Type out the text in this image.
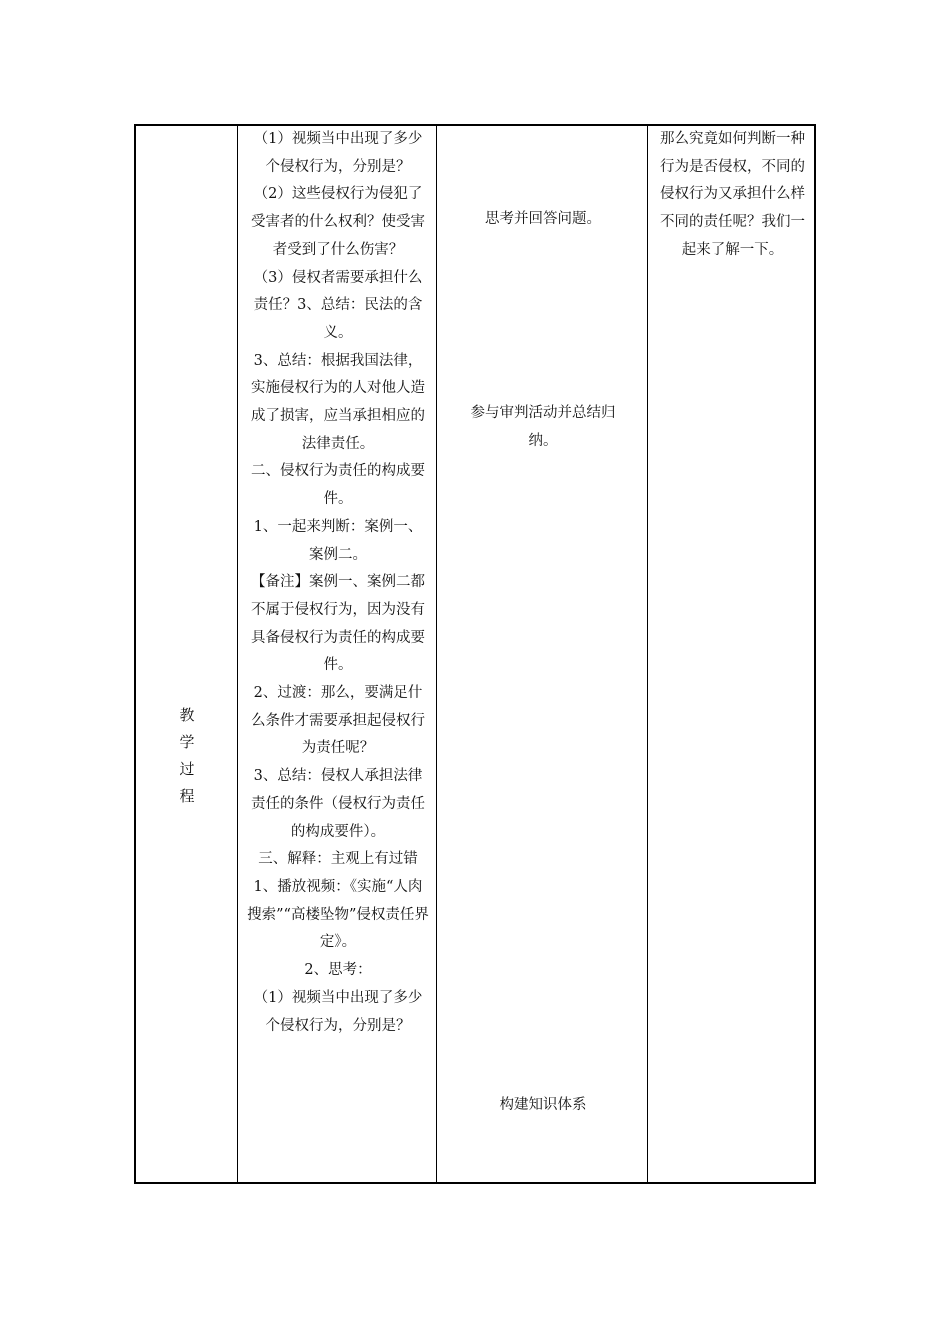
教
学
过
程

（1）视频当中出现了多少个侵权行为，分别是？

（2）这些侵权行为侵犯了受害者的什么权利？使受害者受到了什么伤害？

（3）侵权者需要承担什么责任？3、总结：民法的含义。

3、总结：根据我国法律，实施侵权行为的人对他人造成了损害，应当承担相应的法律责任。

二、侵权行为责任的构成要件。

1、一起来判断：案例一、案例二。

【备注】案例一、案例二都不属于侵权行为，因为没有具备侵权行为责任的构成要件。

2、过渡：那么，要满足什么条件才需要承担起侵权行为责任呢？

3、总结：侵权人承担法律责任的条件（侵权行为责任的构成要件）。

三、解释：主观上有过错

1、播放视频：《实施“人肉搜索”“高楼坠物”侵权责任界定》。

2、思考：

（1）视频当中出现了多少个侵权行为，分别是？

思考并回答问题。
参与审判活动并总结归纳。
构建知识体系

那么究竟如何判断一种行为是否侵权，不同的侵权行为又承担什么样不同的责任呢？我们一起来了解一下。
